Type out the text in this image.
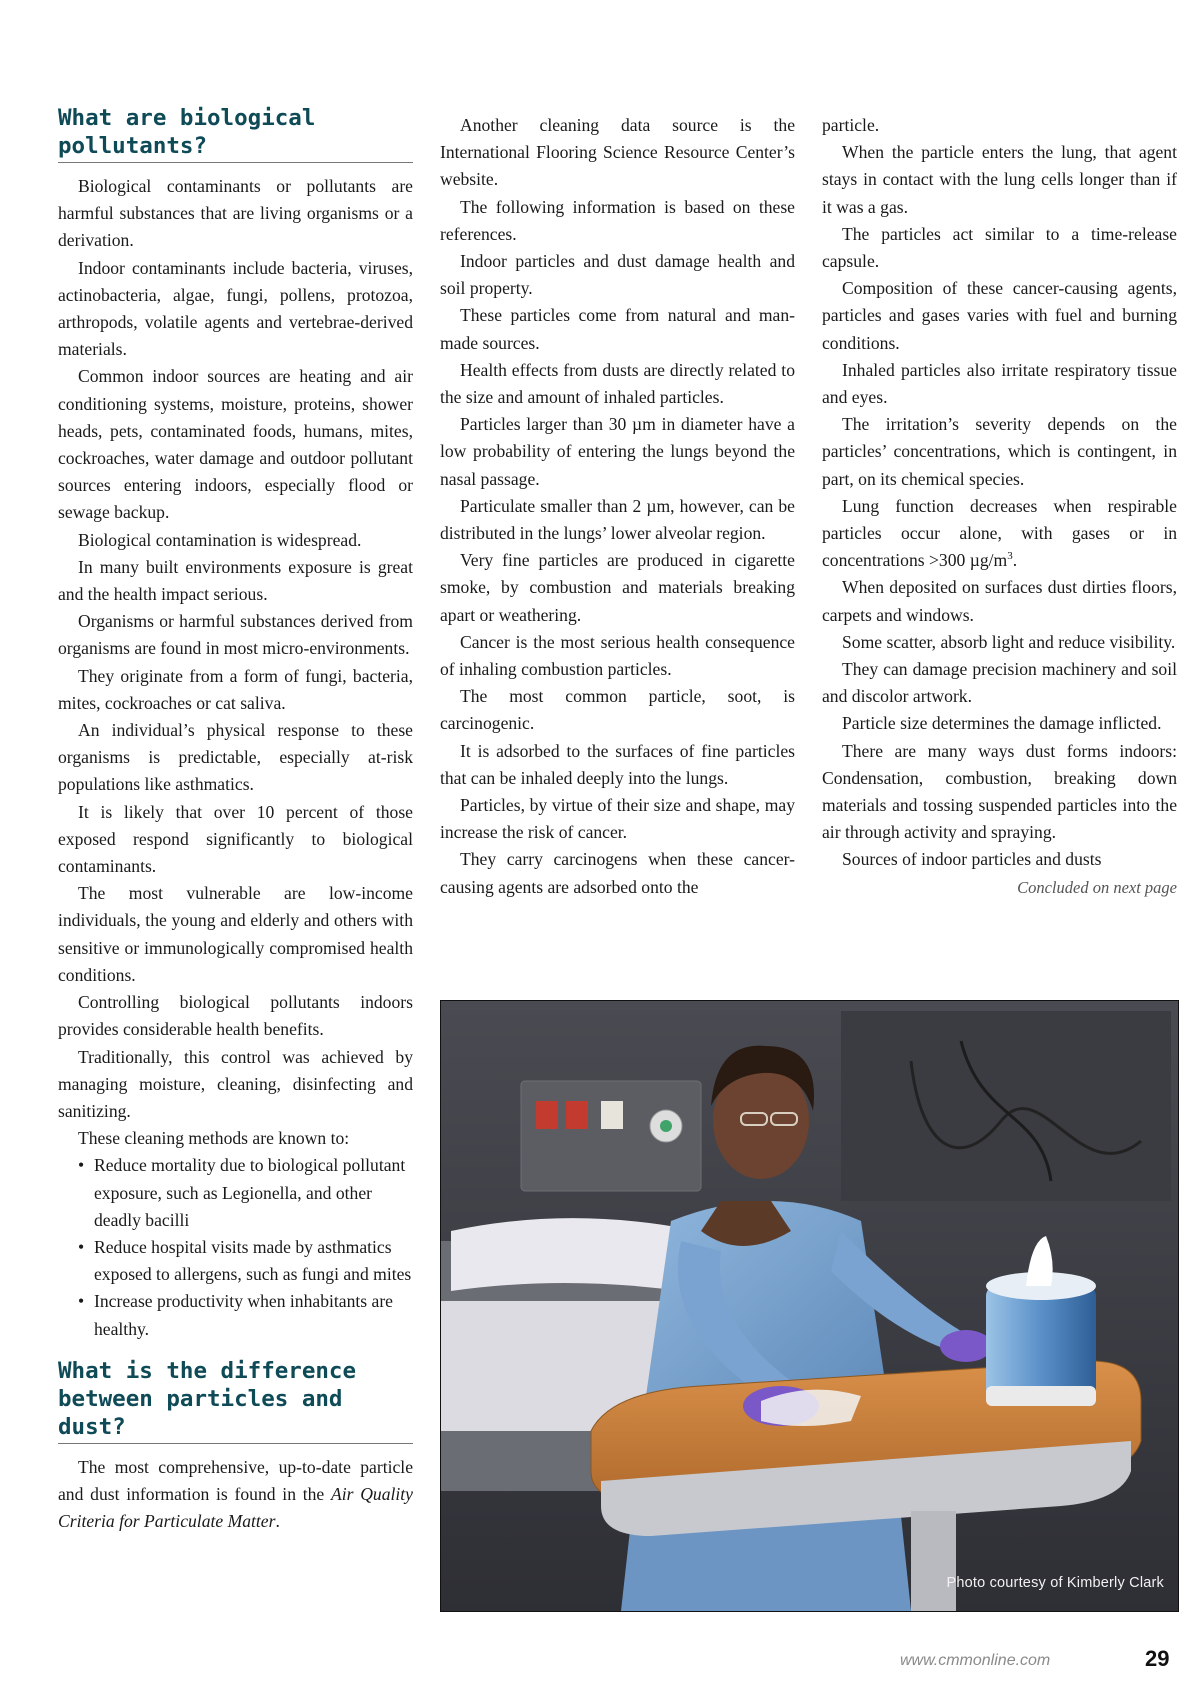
What are biological pollutants?

Biological contaminants or pollutants are harmful substances that are living organisms or a derivation.

Indoor contaminants include bacteria, viruses, actinobacteria, algae, fungi, pollens, protozoa, arthropods, volatile agents and vertebrae-derived materials.

Common indoor sources are heating and air conditioning systems, moisture, proteins, shower heads, pets, contaminated foods, humans, mites, cockroaches, water damage and outdoor pollutant sources entering indoors, especially flood or sewage backup.

Biological contamination is widespread.

In many built environments exposure is great and the health impact serious.

Organisms or harmful substances derived from organisms are found in most micro-environments.

They originate from a form of fungi, bacteria, mites, cockroaches or cat saliva.

An individual’s physical response to these organisms is predictable, especially at-risk populations like asthmatics.

It is likely that over 10 percent of those exposed respond significantly to biological contaminants.

The most vulnerable are low-income individuals, the young and elderly and others with sensitive or immunologically compromised health conditions.

Controlling biological pollutants indoors provides considerable health benefits.

Traditionally, this control was achieved by managing moisture, cleaning, disinfecting and sanitizing.

These cleaning methods are known to:

• Reduce mortality due to biological pollutant exposure, such as Legionella, and other deadly bacilli
• Reduce hospital visits made by asthmatics exposed to allergens, such as fungi and mites
• Increase productivity when inhabitants are healthy.
What is the difference between particles and dust?

The most comprehensive, up-to-date particle and dust information is found in the Air Quality Criteria for Particulate Matter.

Another cleaning data source is the International Flooring Science Resource Center’s website.

The following information is based on these references.

Indoor particles and dust damage health and soil property.

These particles come from natural and man-made sources.

Health effects from dusts are directly related to the size and amount of inhaled particles.

Particles larger than 30 µm in diameter have a low probability of entering the lungs beyond the nasal passage.

Particulate smaller than 2 µm, however, can be distributed in the lungs’ lower alveolar region.

Very fine particles are produced in cigarette smoke, by combustion and materials breaking apart or weathering.

Cancer is the most serious health consequence of inhaling combustion particles.

The most common particle, soot, is carcinogenic.

It is adsorbed to the surfaces of fine particles that can be inhaled deeply into the lungs.

Particles, by virtue of their size and shape, may increase the risk of cancer.

They carry carcinogens when these cancer-causing agents are adsorbed onto the

particle.

When the particle enters the lung, that agent stays in contact with the lung cells longer than if it was a gas.

The particles act similar to a time-release capsule.

Composition of these cancer-causing agents, particles and gases varies with fuel and burning conditions.

Inhaled particles also irritate respiratory tissue and eyes.

The irritation’s severity depends on the particles’ concentrations, which is contingent, in part, on its chemical species.

Lung function decreases when respirable particles occur alone, with gases or in concentrations >300 $\mu g/m^3$.

When deposited on surfaces dust dirties floors, carpets and windows.

Some scatter, absorb light and reduce visibility.

They can damage precision machinery and soil and discolor artwork.

Particle size determines the damage inflicted.

There are many ways dust forms indoors: Condensation, combustion, breaking down materials and tossing suspended particles into the air through activity and spraying.

Sources of indoor particles and dusts

Concluded on next page
Photo courtesy of Kimberly Clark
www.cmmonline.com	29
